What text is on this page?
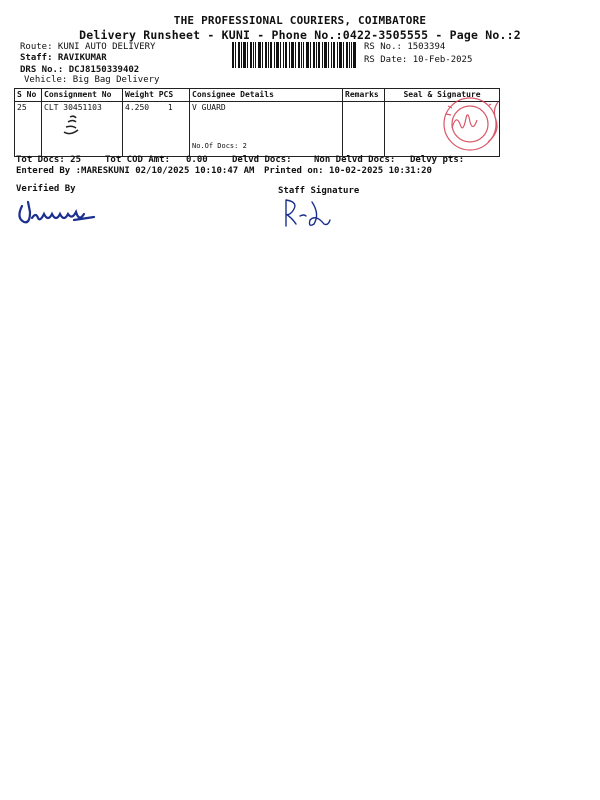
THE PROFESSIONAL COURIERS, COIMBATORE
Delivery Runsheet - KUNI - Phone No.:0422-3505555 - Page No.:2
Route: KUNI AUTO DELIVERY
Staff: RAVIKUMAR
DRS No.: DCJ8150339402
Vehicle: Big Bag Delivery
RS No.: 1503394
RS Date: 10-Feb-2025
S No	Consignment No	Weight PCS	Consignee Details	Remarks	Seal & Signature
25	CLT 30451103	4.250 1	V GUARD
No.Of Docs: 2		

Tot Docs: 25	Tot COD Amt: 0.00	Delvd Docs: Non Delvd Docs: Delvy pts:
Entered By :MARESKUNI 02/10/2025 10:10:47 AM Printed on: 10-02-2025 10:31:20
Verified By	Staff Signature
